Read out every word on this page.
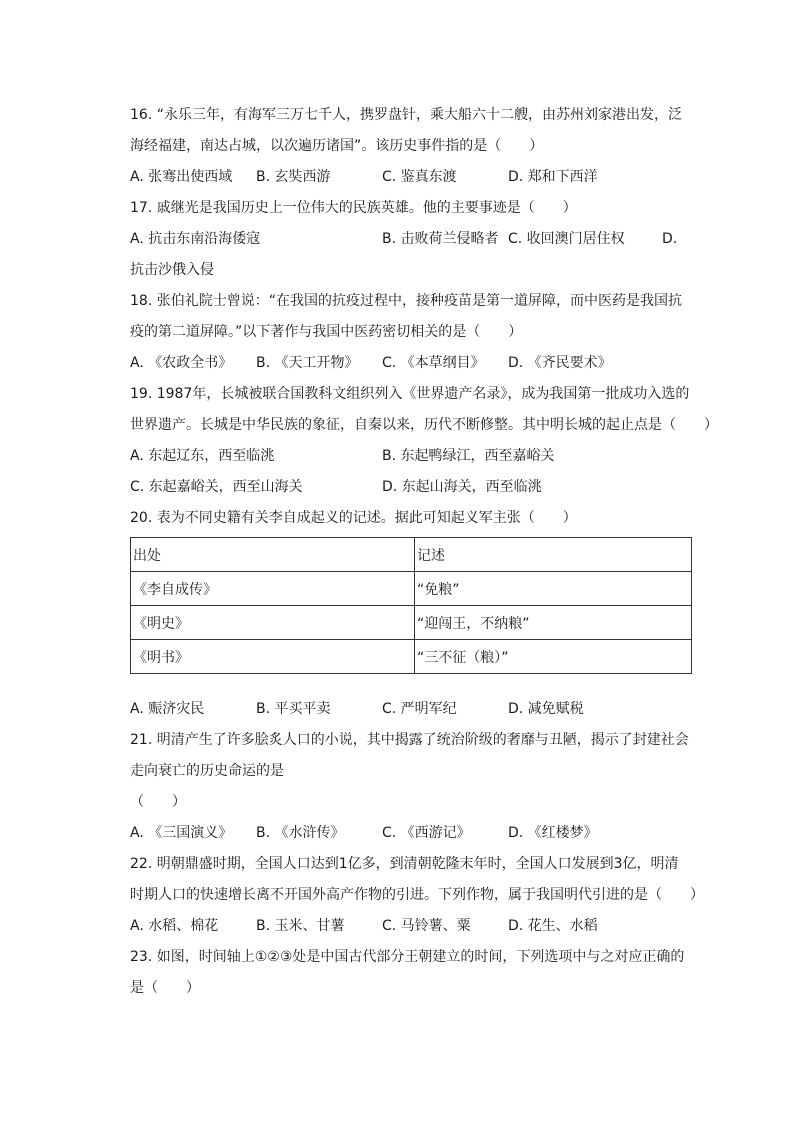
16. “永乐三年，有海军三万七千人，携罗盘针，乘大船六十二艘，由苏州刘家港出发，泛
海经福建，南达占城，以次遍历诸国”。该历史事件指的是（　　）
A. 张骞出使西域	B. 玄奘西游	C. 鉴真东渡	D. 郑和下西洋
17. 戚继光是我国历史上一位伟大的民族英雄。他的主要事迹是（　　）
A. 抗击东南沿海倭寇	B. 击败荷兰侵略者 C. 收回澳门居住权	D.
抗击沙俄入侵
18. 张伯礼院士曾说：“在我国的抗疫过程中，接种疫苗是第一道屏障，而中医药是我国抗
疫的第二道屏障。”以下著作与我国中医药密切相关的是（　　）
A. 《农政全书》	B. 《天工开物》	C. 《本草纲目》	D. 《齐民要术》
19. 1987年，长城被联合国教科文组织列入《世界遗产名录》，成为我国第一批成功入选的
世界遗产。长城是中华民族的象征，自秦以来，历代不断修整。其中明长城的起止点是（　　）
A. 东起辽东，西至临洮	B. 东起鸭绿江，西至嘉峪关
C. 东起嘉峪关，西至山海关	D. 东起山海关，西至临洮
20. 表为不同史籍有关李自成起义的记述。据此可知起义军主张（　　）
出处	记述
《李自成传》	“免粮”
《明史》	“迎闯王，不纳粮”
《明书》	“三不征（粮）”
A. 赈济灾民	B. 平买平卖	C. 严明军纪	D. 减免赋税
21. 明清产生了许多脍炙人口的小说，其中揭露了统治阶级的奢靡与丑陋，揭示了封建社会
走向衰亡的历史命运的是
（　　）
A. 《三国演义》	B. 《水浒传》	C. 《西游记》	D. 《红楼梦》
22. 明朝鼎盛时期，全国人口达到1亿多，到清朝乾隆末年时，全国人口发展到3亿，明清
时期人口的快速增长离不开国外高产作物的引进。下列作物，属于我国明代引进的是（　　）
A. 水稻、棉花	B. 玉米、甘薯	C. 马铃薯、粟	D. 花生、水稻
23. 如图，时间轴上①②③处是中国古代部分王朝建立的时间，下列选项中与之对应正确的
是（　　）
